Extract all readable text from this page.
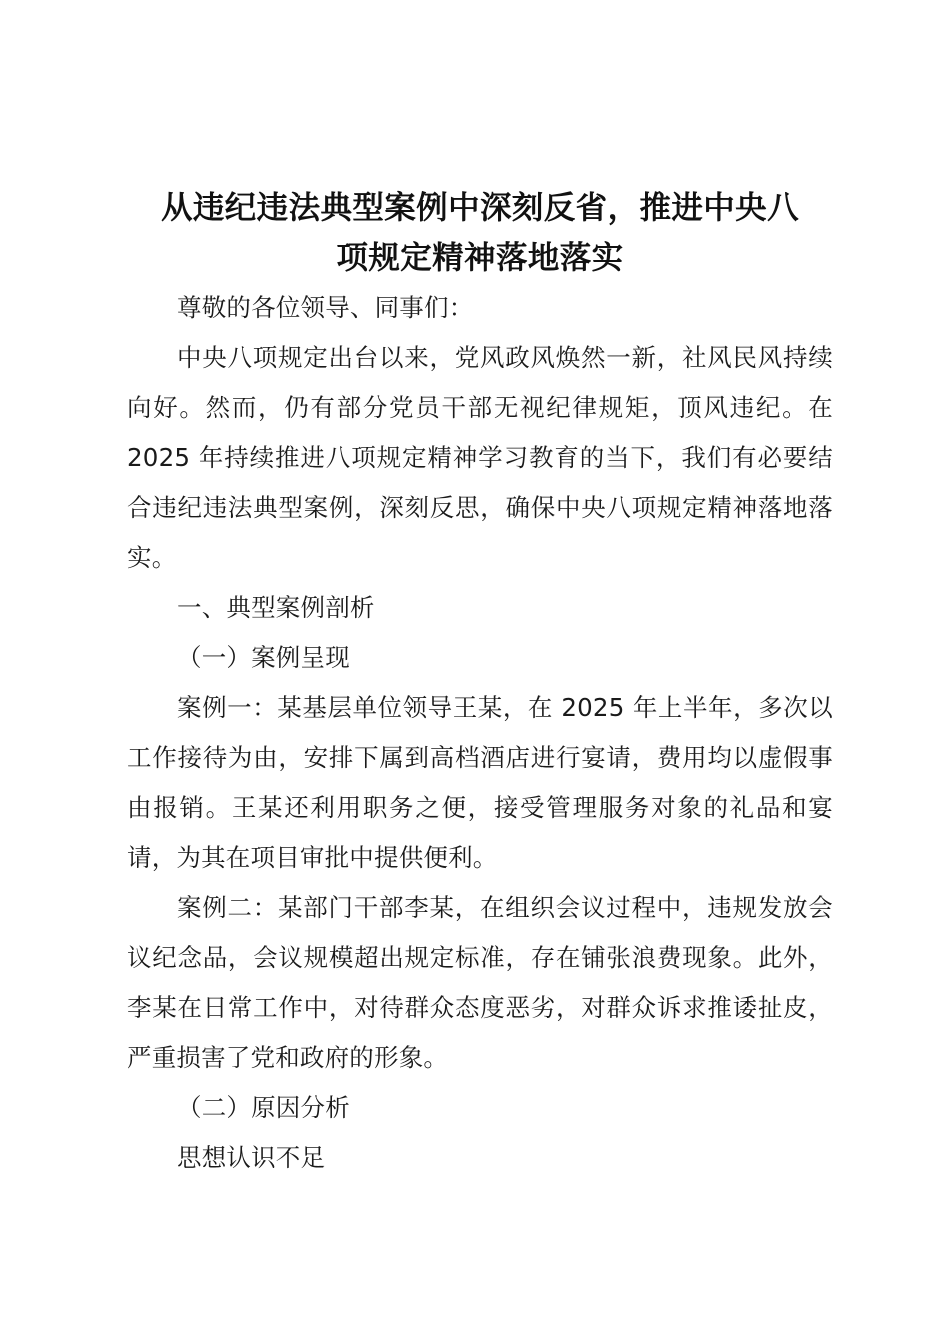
从违纪违法典型案例中深刻反省，推进中央八
项规定精神落地落实

尊敬的各位领导、同事们：

中央八项规定出台以来，党风政风焕然一新，社风民风持续向好。然而，仍有部分党员干部无视纪律规矩，顶风违纪。在 2025 年持续推进八项规定精神学习教育的当下，我们有必要结合违纪违法典型案例，深刻反思，确保中央八项规定精神落地落实。

一、典型案例剖析

（一）案例呈现

案例一：某基层单位领导王某，在 2025 年上半年，多次以工作接待为由，安排下属到高档酒店进行宴请，费用均以虚假事由报销。王某还利用职务之便，接受管理服务对象的礼品和宴请，为其在项目审批中提供便利。

案例二：某部门干部李某，在组织会议过程中，违规发放会议纪念品，会议规模超出规定标准，存在铺张浪费现象。此外，李某在日常工作中，对待群众态度恶劣，对群众诉求推诿扯皮，严重损害了党和政府的形象。

（二）原因分析

思想认识不足
